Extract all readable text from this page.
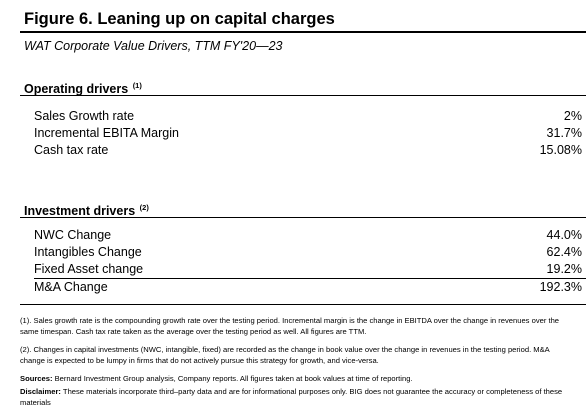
Figure 6. Leaning up on capital charges
WAT Corporate Value Drivers, TTM FY'20—23
Operating drivers $^{(1)}$
Sales Growth rate	2%
Incremental EBITA Margin	31.7%
Cash tax rate	15.08%
Investment drivers $^{(2)}$
NWC Change	44.0%
Intangibles Change	62.4%
Fixed Asset change	19.2%
M&A Change	192.3%
(1). Sales growth rate is the compounding growth rate over the testing period. Incremental margin is the change in EBITDA over the change in revenues over the same timespan. Cash tax rate taken as the average over the testing period as well. All figures are TTM.
(2). Changes in capital investments (NWC, intangible, fixed) are recorded as the change in book value over the change in revenues in the testing period. M&A change is expected to be lumpy in firms that do not actively pursue this strategy for growth, and vice-versa.
Sources: Bernard Investment Group analysis, Company reports. All figures taken at book values at time of reporting.
Disclaimer: These materials incorporate third–party data and are for informational purposes only. BIG does not guarantee the accuracy or completeness of these materials
